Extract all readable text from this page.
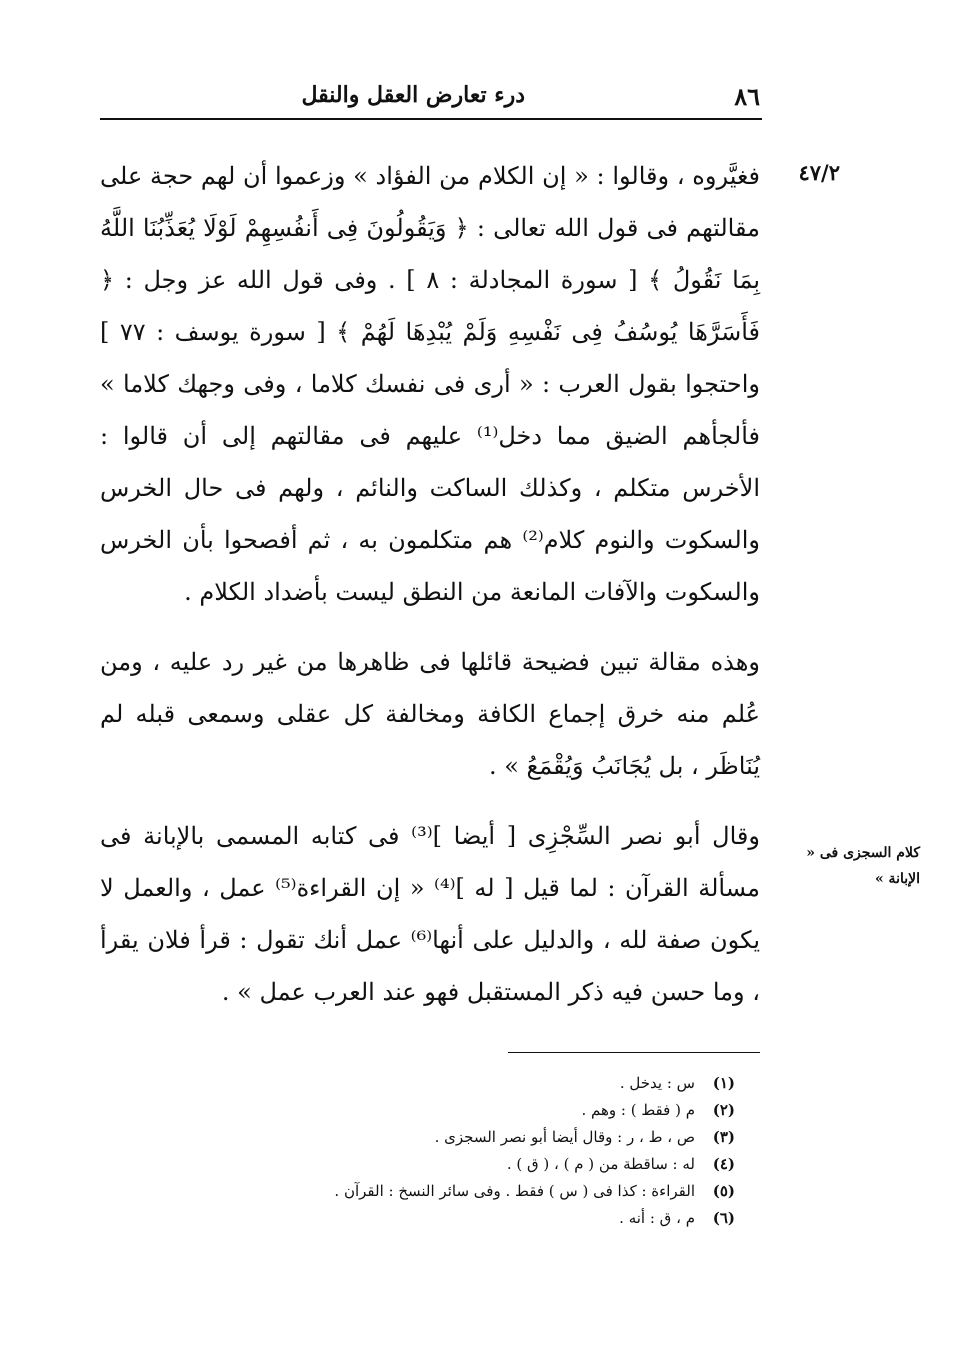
٨٦
درء تعارض العقل والنقل
٤٧/٢
كلام السجزى فى « الإبانة »

فغيَّروه ، وقالوا : « إن الكلام من الفؤاد » وزعموا أن لهم حجة على مقالتهم فى قول الله تعالى : ﴿ وَيَقُولُونَ فِى أَنفُسِهِمْ لَوْلَا يُعَذِّبُنَا اللَّهُ بِمَا نَقُولُ ﴾ [ سورة المجادلة : ٨ ] . وفى قول الله عز وجل : ﴿ فَأَسَرَّهَا يُوسُفُ فِى نَفْسِهِ وَلَمْ يُبْدِهَا لَهُمْ ﴾ [ سورة يوسف : ٧٧ ] واحتجوا بقول العرب : « أرى فى نفسك كلاما ، وفى وجهك كلاما » فألجأهم الضيق مما دخل⁽¹⁾ عليهم فى مقالتهم إلى أن قالوا : الأخرس متكلم ، وكذلك الساكت والنائم ، ولهم فى حال الخرس والسكوت والنوم كلام⁽²⁾ هم متكلمون به ، ثم أفصحوا بأن الخرس والسكوت والآفات المانعة من النطق ليست بأضداد الكلام .

وهذه مقالة تبين فضيحة قائلها فى ظاهرها من غير رد عليه ، ومن عُلم منه خرق إجماع الكافة ومخالفة كل عقلى وسمعى قبله لم يُنَاظَر ، بل يُجَانَبُ وَيُقْمَعُ » .

وقال أبو نصر السِّجْزِى [ أيضا ]⁽³⁾ فى كتابه المسمى بالإبانة فى مسألة القرآن : لما قيل [ له ]⁽⁴⁾ « إن القراءة⁽⁵⁾ عمل ، والعمل لا يكون صفة لله ، والدليل على أنها⁽⁶⁾ عمل أنك تقول : قرأ فلان يقرأ ، وما حسن فيه ذكر المستقبل فهو عند العرب عمل » .

(١)س : يدخل .
(٢)م ( فقط ) : وهم .
(٣)ص ، ط ، ر : وقال أيضا أبو نصر السجزى .
(٤)له : ساقطة من ( م ) ، ( ق ) .
(٥)القراءة : كذا فى ( س ) فقط . وفى سائر النسخ : القرآن .
(٦)م ، ق : أنه .
